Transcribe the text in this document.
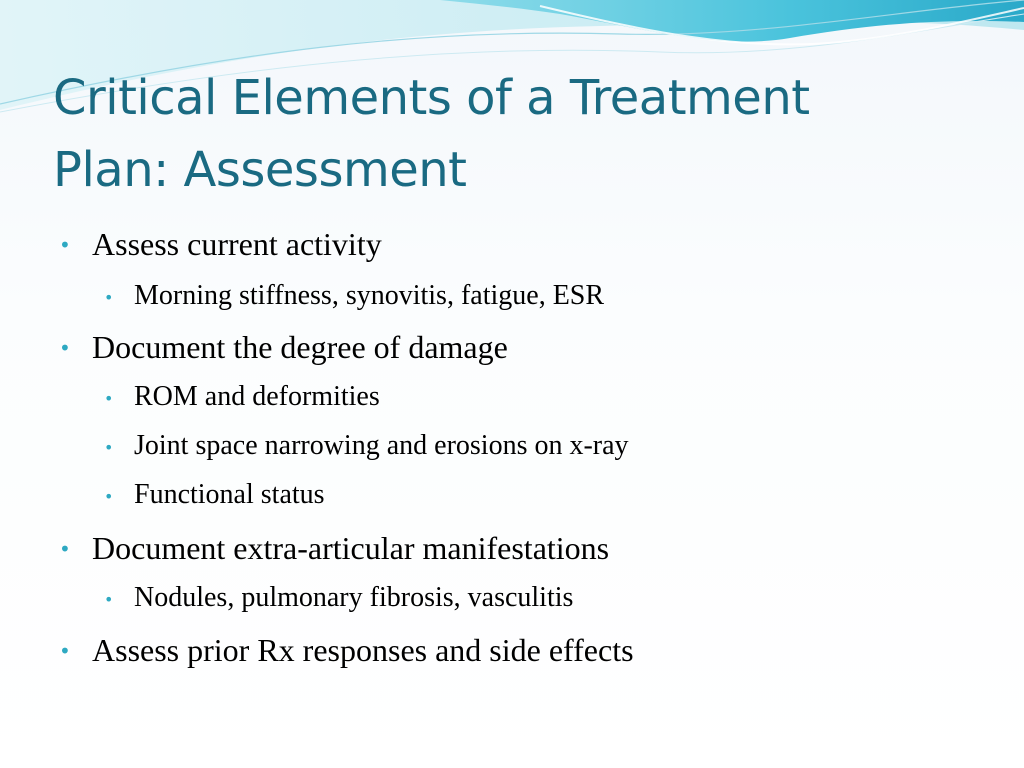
Critical Elements of a Treatment
Plan: Assessment
• Assess current activity
• Morning stiffness, synovitis, fatigue, ESR
• Document the degree of damage
• ROM and deformities
• Joint space narrowing and erosions on x-ray
• Functional status
• Document extra-articular manifestations
• Nodules, pulmonary fibrosis, vasculitis
• Assess prior Rx responses and side effects
